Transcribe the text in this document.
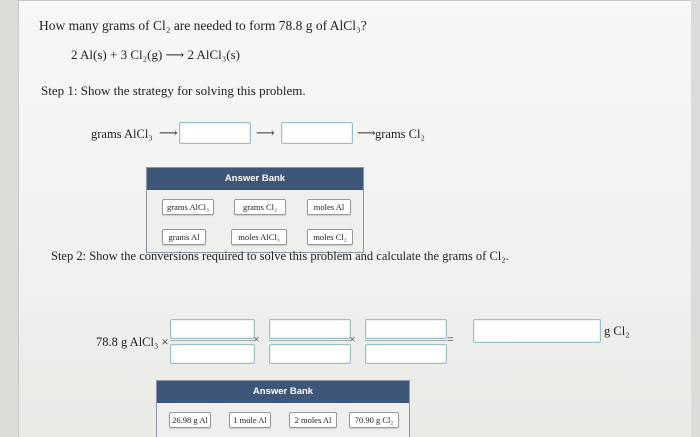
How many grams of Cl₂ are needed to form 78.8 g of AlCl₃?
2 Al(s) + 3 Cl₂(g) ⟶ 2 AlCl₃(s)
Step 1: Show the strategy for solving this problem.
grams AlCl₃ ⟶	⟶	⟶ grams Cl₂
Answer Bank
grams AlCl₃	grams Cl₂	moles Al
grams Al	moles AlCl₃	moles Cl₂
Step 2: Show the conversions required to solve this problem and calculate the grams of Cl₂.
78.8 g AlCl₃ ×	×	×	=
g Cl₂
Answer Bank
26.98 g Al	1 mole Al	2 moles Al	70.90 g Cl₂
